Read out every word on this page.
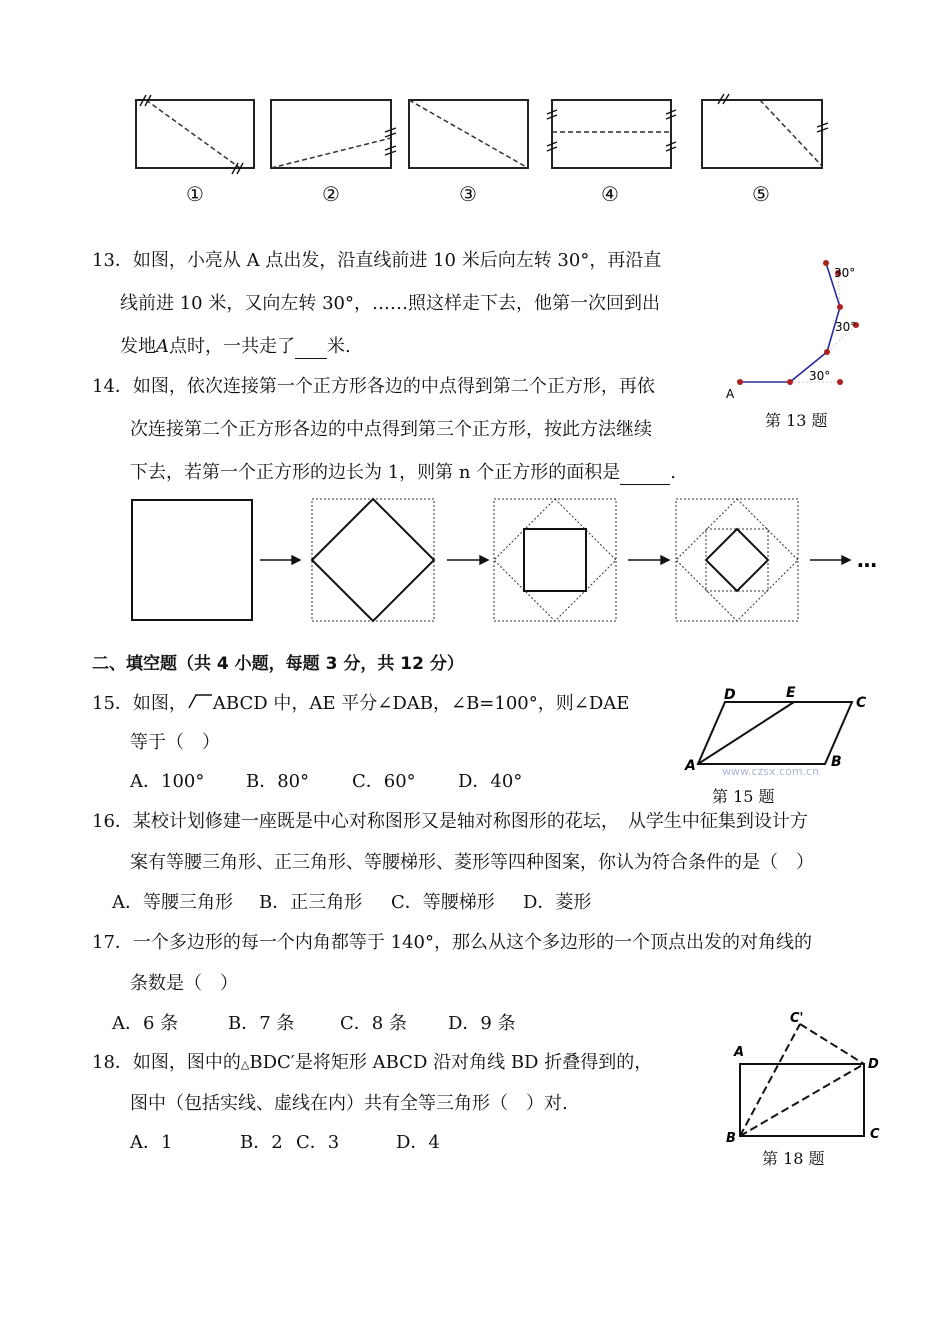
①	②	③	④	⑤
13．如图，小亮从 A 点出发，沿直线前进 10 米后向左转 30°，再沿直
线前进 10 米，又向左转 30°，……照这样走下去，他第一次回到出
发地A点时，一共走了 米.
A
30°
30°
30°
第 13 题
14．如图，依次连接第一个正方形各边的中点得到第二个正方形，再依
次连接第二个正方形各边的中点得到第三个正方形，按此方法继续
下去，若第一个正方形的边长为 1，则第 n 个正方形的面积是	.
…
二、填空题（共 4 小题，每题 3 分，共 12 分）
15．如图， ABCD 中，AE 平分∠DAB，∠B=100°，则∠DAE
等于（　）
A．100° B．80° C．60° D．40°
A	B
C
D	E
www.czsx.com.cn
第 15 题
16．某校计划修建一座既是中心对称图形又是轴对称图形的花坛，　从学生中征集到设计方
案有等腰三角形、正三角形、等腰梯形、菱形等四种图案，你认为符合条件的是（　）
A．等腰三角形 B．正三角形 C．等腰梯形 D．菱形
17．一个多边形的每一个内角都等于 140°，那么从这个多边形的一个顶点出发的对角线的
条数是（　）
A．6 条	B．7 条	C．8 条 D．9 条
18．如图，图中的△BDC′是将矩形 ABCD 沿对角线 BD 折叠得到的，
图中（包括实线、虚线在内）共有全等三角形（　）对.
A．1	B．2 C．3	D．4
A
B	C
D
C'
第 18 题
